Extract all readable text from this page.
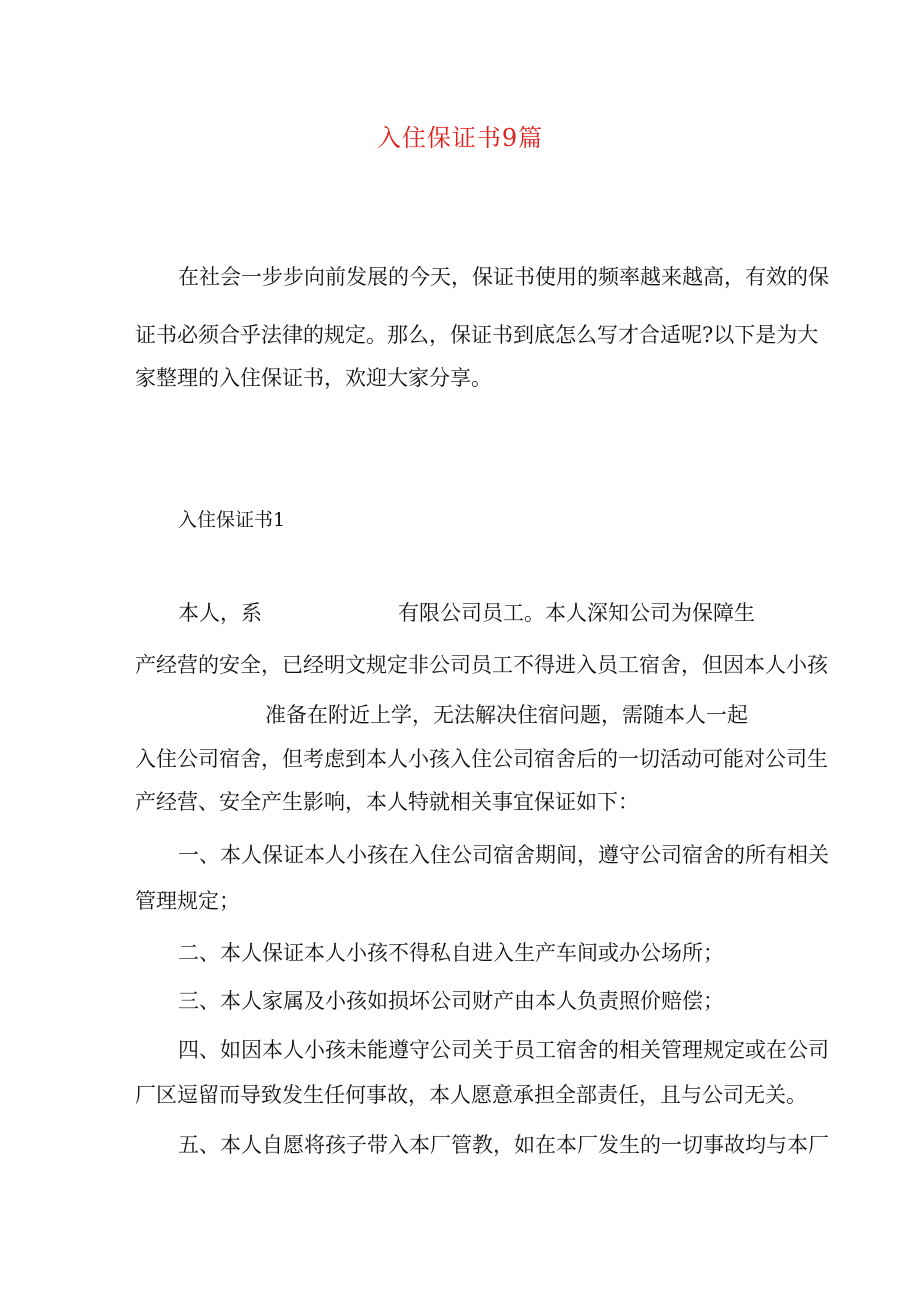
入住保证书9篇
在社会一步步向前发展的今天，保证书使用的频率越来越高，有效的保
证书必须合乎法律的规定。那么，保证书到底怎么写才合适呢?以下是为大
家整理的入住保证书，欢迎大家分享。
入住保证书1
本人，系	有限公司员工。本人深知公司为保障生
产经营的安全，已经明文规定非公司员工不得进入员工宿舍，但因本人小孩
准备在附近上学，无法解决住宿问题，需随本人一起
入住公司宿舍，但考虑到本人小孩入住公司宿舍后的一切活动可能对公司生
产经营、安全产生影响，本人特就相关事宜保证如下：
一、本人保证本人小孩在入住公司宿舍期间，遵守公司宿舍的所有相关
管理规定；
二、本人保证本人小孩不得私自进入生产车间或办公场所；
三、本人家属及小孩如损坏公司财产由本人负责照价赔偿；
四、如因本人小孩未能遵守公司关于员工宿舍的相关管理规定或在公司
厂区逗留而导致发生任何事故，本人愿意承担全部责任，且与公司无关。
五、本人自愿将孩子带入本厂管教，如在本厂发生的一切事故均与本厂
